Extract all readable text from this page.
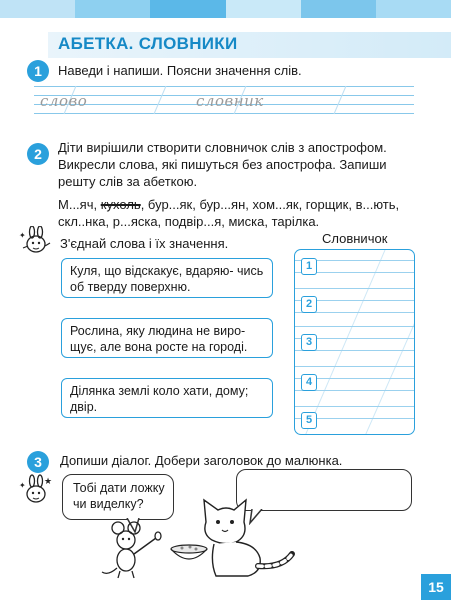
АБЕТКА. СЛОВНИКИ
1	Наведи і напиши. Поясни значення слів.
слово	словник
2	Діти вирішили створити словничок слів з апострофом.
Викресли слова, які пишуться без апострофа. Запиши
решту слів за абеткою.
М...яч, кухоль, бур...як, бур...ян, хом...як, горщик, в...ють,
скл..нка, р...яска, подвір...я, миска, тарілка.
✦
З'єднай слова і їх значення.
Куля, що відскакує, вдаряю- чись об тверду поверхню.
Рослина, яку людина не виро- щує, але вона росте на городі.
Ділянка землі коло хати, дому; двір.
Словничок
1
2
3
4
5
3	Допиши діалог. Добери заголовок до малюнка.
★
✦	Тобі дати ложку чи виделку?
15
